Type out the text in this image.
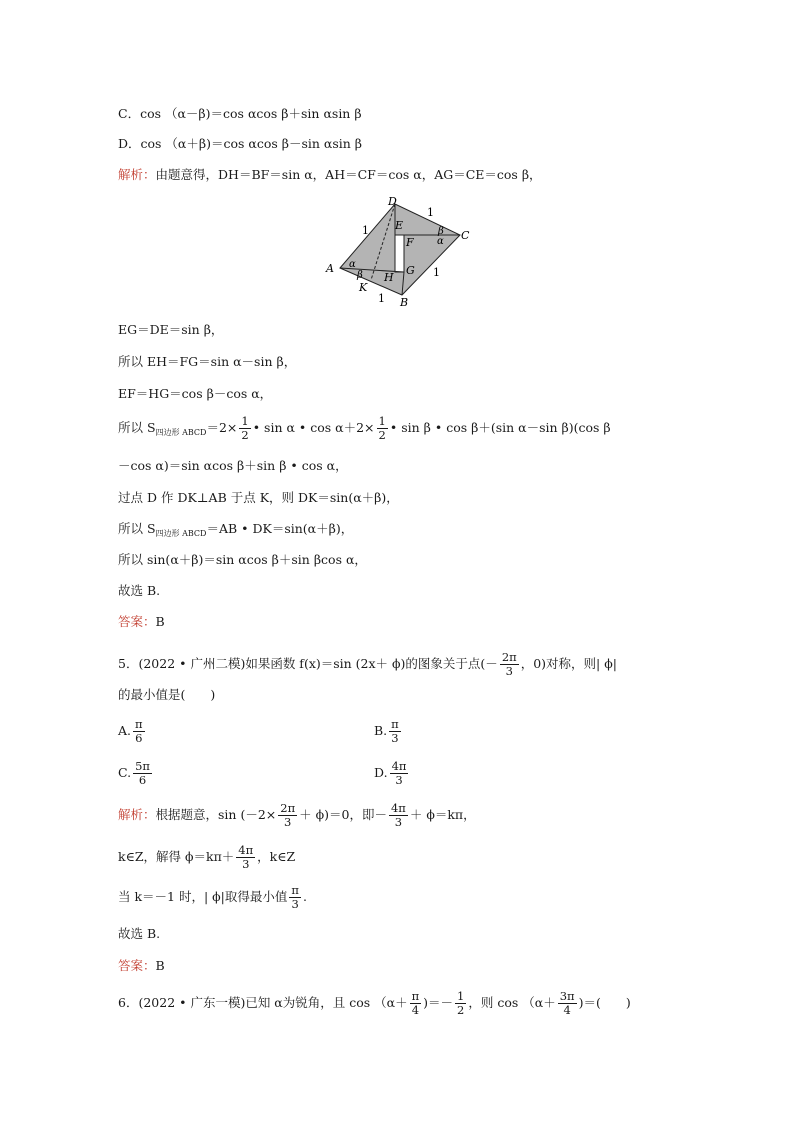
C．cos （α－β)＝cos αcos β＋sin αsin β
D．cos （α＋β)＝cos αcos β－sin αsin β
解析：由题意得，DH＝BF＝sin α，AH＝CF＝cos α，AG＝CE＝cos β，
D
A
C
B
E
F
G
H
K
1
1
1
1
α
β
β
α
EG＝DE＝sin β，
所以 EH＝FG＝sin α－sin β，
EF＝HG＝cos β－cos α，
所以 $S_{四边形 ABCD}=2\times \frac{1}{2}$ • sin α • $\cos \alpha+2\times \frac{1}{2}$ • sin β • cos β＋(sin α－sin β)(cos β
－cos α)＝sin αcos β＋sin β • cos α，
过点 D 作 DK⊥AB 于点 K，则 DK＝sin(α＋β)，
所以 $S_{四边形 ABCD}=AB$ • DK＝sin(α＋β)，
所以 sin(α＋β)＝sin αcos β＋sin βcos α，
故选 B.
答案：B
5．(2022 • 广州二模)如果函数 f(x)＝sin (2x＋ ϕ)的图象关于点(－ $\frac{2\pi}{3}$ ，0)对称，则| ϕ|
的最小值是(　　)
A. $\frac{\pi}{6}$	B. $\frac{\pi}{3}$
C. $\frac{5\pi}{6}$	D. $\frac{4\pi}{3}$
解析：根据题意，$\sin (-2\times \frac{2\pi}{3} + \phi)=0$，即－ $\frac{4\pi}{3} + \phi=k\pi$，
k∈Z，解得 $\phi=k\pi+ \frac{4\pi}{3}$ ，k∈Z
当 k＝－1 时，| ϕ|取得最小值 $\frac{\pi}{3}$ .
故选 B.
答案：B
6．(2022 • 广东一模)已知 α为锐角，且 $\cos (\alpha+ \frac{\pi}{4}$ )＝－ $\frac{1}{2}$ ，则 $\cos (\alpha+ \frac{3\pi}{4}$ )＝(　　)
